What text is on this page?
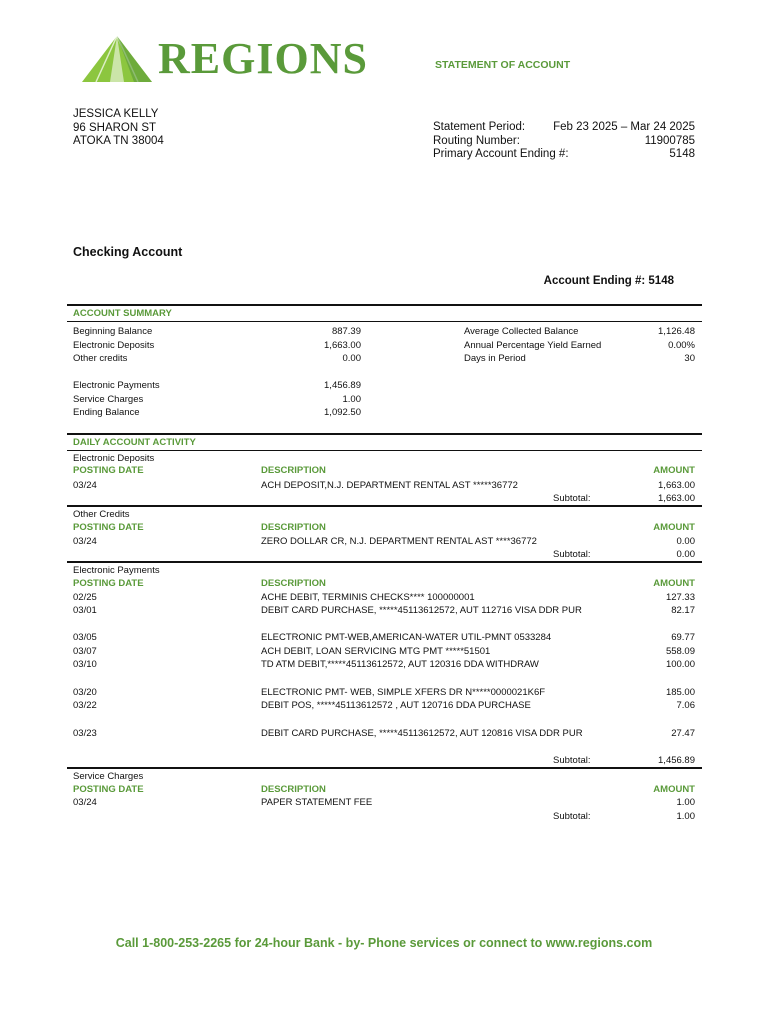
REGIONS	STATEMENT OF ACCOUNT
JESSICA KELLY
96 SHARON ST
ATOKA TN 38004
Statement Period: Feb 23 2025 – Mar 24 2025
Routing Number:	11900785
Primary Account Ending #:	5148
Checking Account
Account Ending #: 5148
ACCOUNT SUMMARY
Beginning Balance	887.39
Electronic Deposits	1,663.00
Other credits	0.00
Electronic Payments	1,456.89
Service Charges	1.00
Ending Balance	1,092.50
Average Collected Balance	1,126.48
Annual Percentage Yield Earned	0.00%
Days in Period	30
DAILY ACCOUNT ACTIVITY
Electronic Deposits
POSTING DATE	DESCRIPTION	AMOUNT
03/24	ACH DEPOSIT,N.J. DEPARTMENT RENTAL AST *****36772	1,663.00
Subtotal:	1,663.00
Other Credits
POSTING DATE	DESCRIPTION	AMOUNT
03/24	ZERO DOLLAR CR, N.J. DEPARTMENT RENTAL AST ****36772	0.00
Subtotal:	0.00
Electronic Payments
POSTING DATE	DESCRIPTION	AMOUNT
02/25	ACHE DEBIT, TERMINIS CHECKS**** 100000001	127.33
03/01	DEBIT CARD PURCHASE, *****45113612572, AUT 112716 VISA DDR PUR	82.17
03/05	ELECTRONIC PMT-WEB,AMERICAN-WATER UTIL-PMNT 0533284	69.77
03/07	ACH DEBIT, LOAN SERVICING MTG PMT *****51501	558.09
03/10	TD ATM DEBIT,*****45113612572, AUT 120316 DDA WITHDRAW	100.00
03/20	ELECTRONIC PMT- WEB, SIMPLE XFERS DR N*****0000021K6F	185.00
03/22	DEBIT POS, *****45113612572 , AUT 120716 DDA PURCHASE	7.06
03/23	DEBIT CARD PURCHASE, *****45113612572, AUT 120816 VISA DDR PUR	27.47
Subtotal:	1,456.89
Service Charges
POSTING DATE	DESCRIPTION	AMOUNT
03/24	PAPER STATEMENT FEE	1.00
Subtotal:	1.00
Call 1-800-253-2265 for 24-hour Bank - by- Phone services or connect to www.regions.com
